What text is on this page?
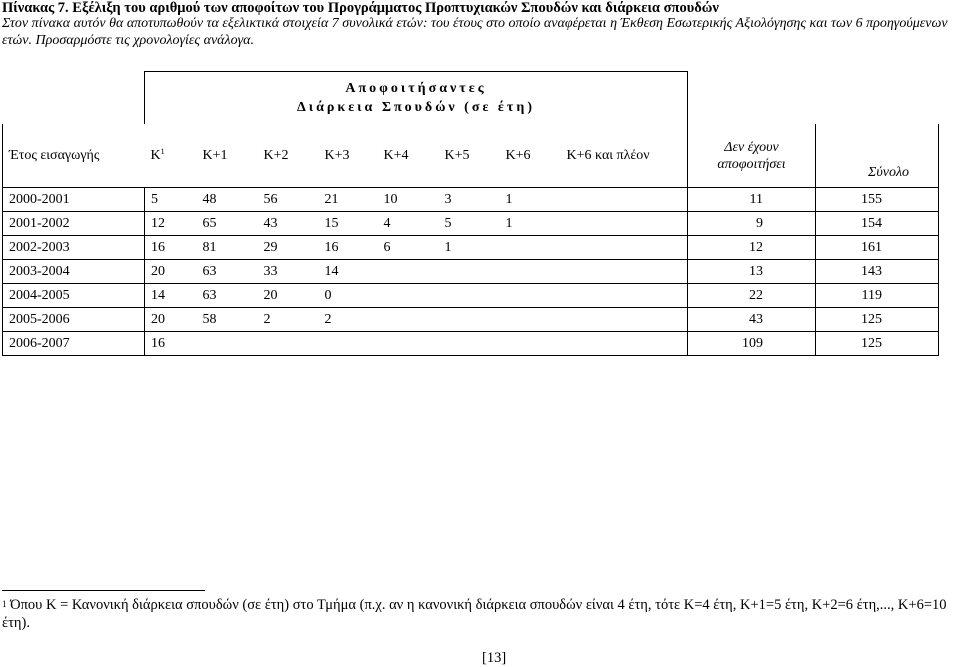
Πίνακας 7. Εξέλιξη του αριθμού των αποφοίτων του Προγράμματος Προπτυχιακών Σπουδών και διάρκεια σπουδών
Στον πίνακα αυτόν θα αποτυπωθούν τα εξελικτικά στοιχεία 7 συνολικά ετών: του έτους στο οποίο αναφέρεται η Έκθεση Εσωτερικής Αξιολόγησης και των 6 προηγούμενων ετών. Προσαρμόστε τις χρονολογίες ανάλογα.

	Αποφοιτήσαντες
Διάρκεια Σπουδών (σε έτη)									

Έτος εισαγωγής	$K^1$	K+1	K+2	K+3	K+4	K+5	K+6	K+6 και πλέον	Δεν έχουν
αποφοιτήσει	Σύνολο
2000-2001	5	48	56	21	10	3	1		11	155
2001-2002	12	65	43	15	4	5	1		9	154
2002-2003	16	81	29	16	6	1			12	161
2003-2004	20	63	33	14					13	143
2004-2005	14	63	20	0					22	119
2005-2006	20	58	2	2					43	125
2006-2007	16								109	125
$^1$ Όπου K = Κανονική διάρκεια σπουδών (σε έτη) στο Τμήμα (π.χ. αν η κανονική διάρκεια σπουδών είναι 4 έτη, τότε K=4 έτη, K+1=5 έτη, K+2=6 έτη,..., K+6=10 έτη).
[13]
